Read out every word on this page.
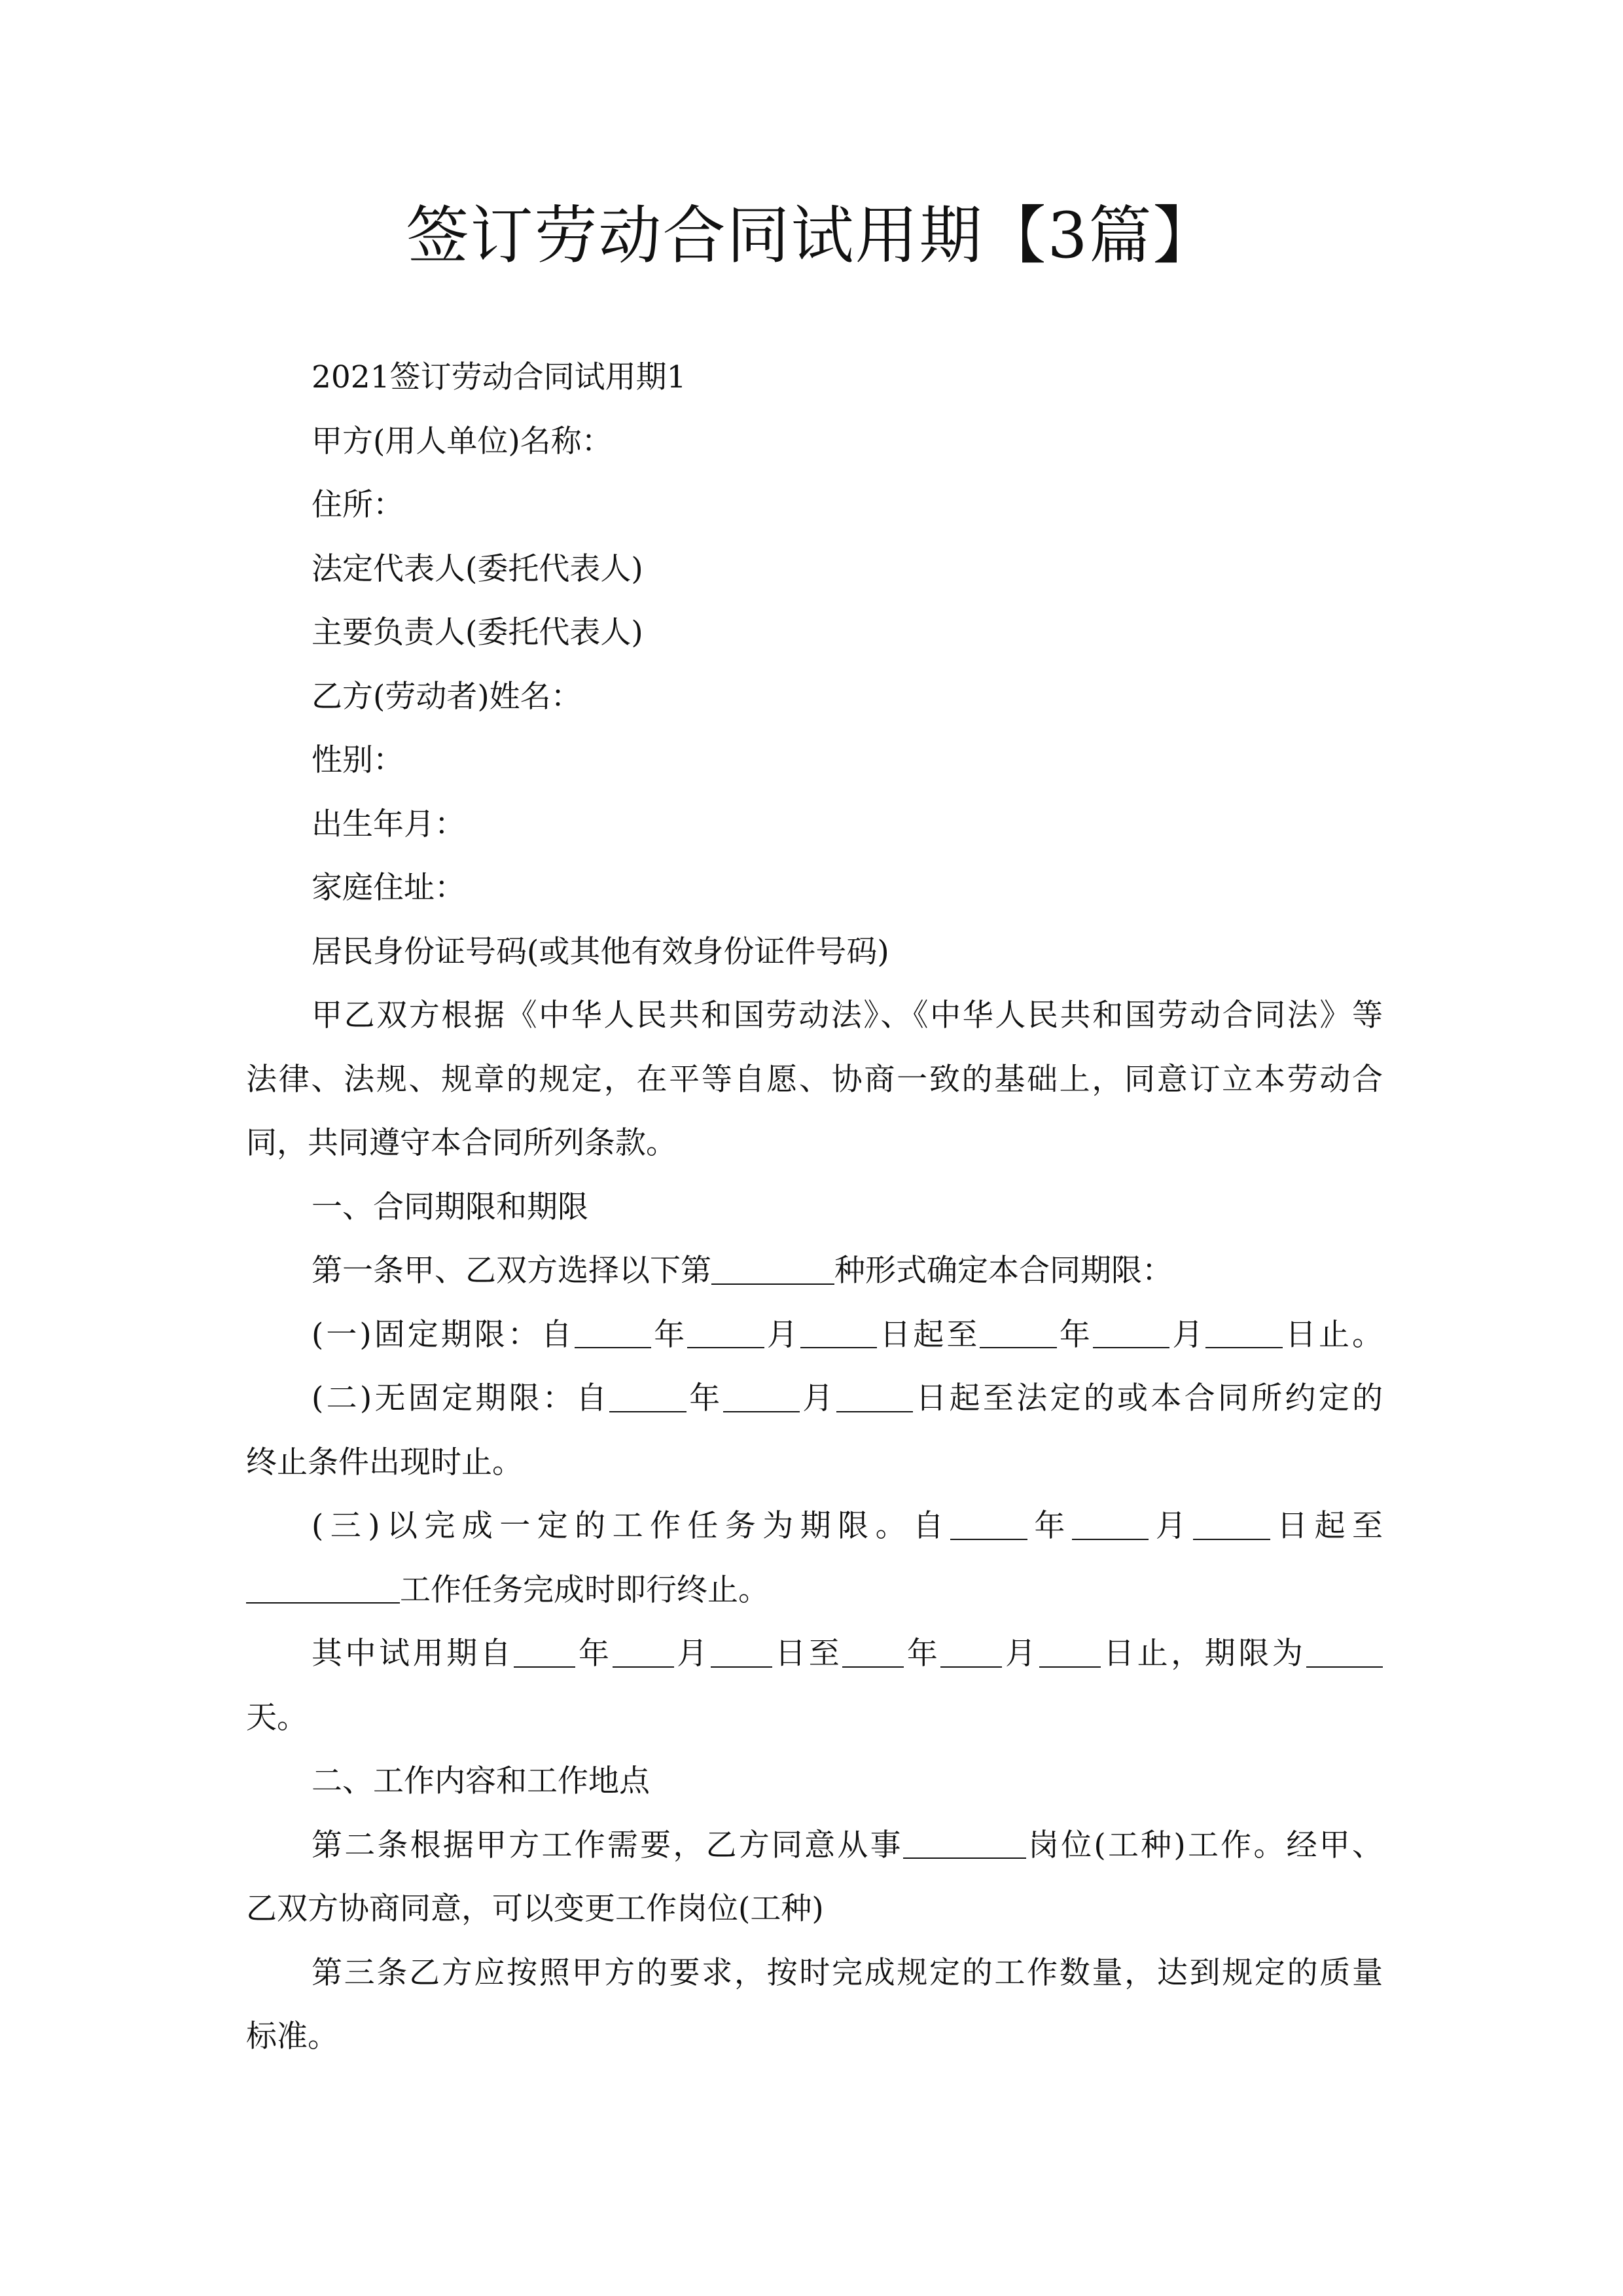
签订劳动合同试用期【3篇】
2021签订劳动合同试用期1
甲方(用人单位)名称：
住所：
法定代表人(委托代表人)
主要负责人(委托代表人)
乙方(劳动者)姓名：
性别：
出生年月：
家庭住址：
居民身份证号码(或其他有效身份证件号码)
甲乙双方根据《中华人民共和国劳动法》、《中华人民共和国劳动合同法》等
法律、法规、规章的规定，在平等自愿、协商一致的基础上，同意订立本劳动合
同，共同遵守本合同所列条款。
一、合同期限和期限
第一条甲、乙双方选择以下第	种形式确定本合同期限：
(一)固定期限：自	年	月	日起至	年	月	日止。
(二)无固定期限：自	年	月	日起至法定的或本合同所约定的
终止条件出现时止。
(三)以完成一定的工作任务为期限。自	年	月	日起至
工作任务完成时即行终止。
其中试用期自 年 月 日至 年 月 日止，期限为
天。
二、工作内容和工作地点
第二条根据甲方工作需要，乙方同意从事	岗位(工种)工作。经甲、
乙双方协商同意，可以变更工作岗位(工种)
第三条乙方应按照甲方的要求，按时完成规定的工作数量，达到规定的质量
标准。
